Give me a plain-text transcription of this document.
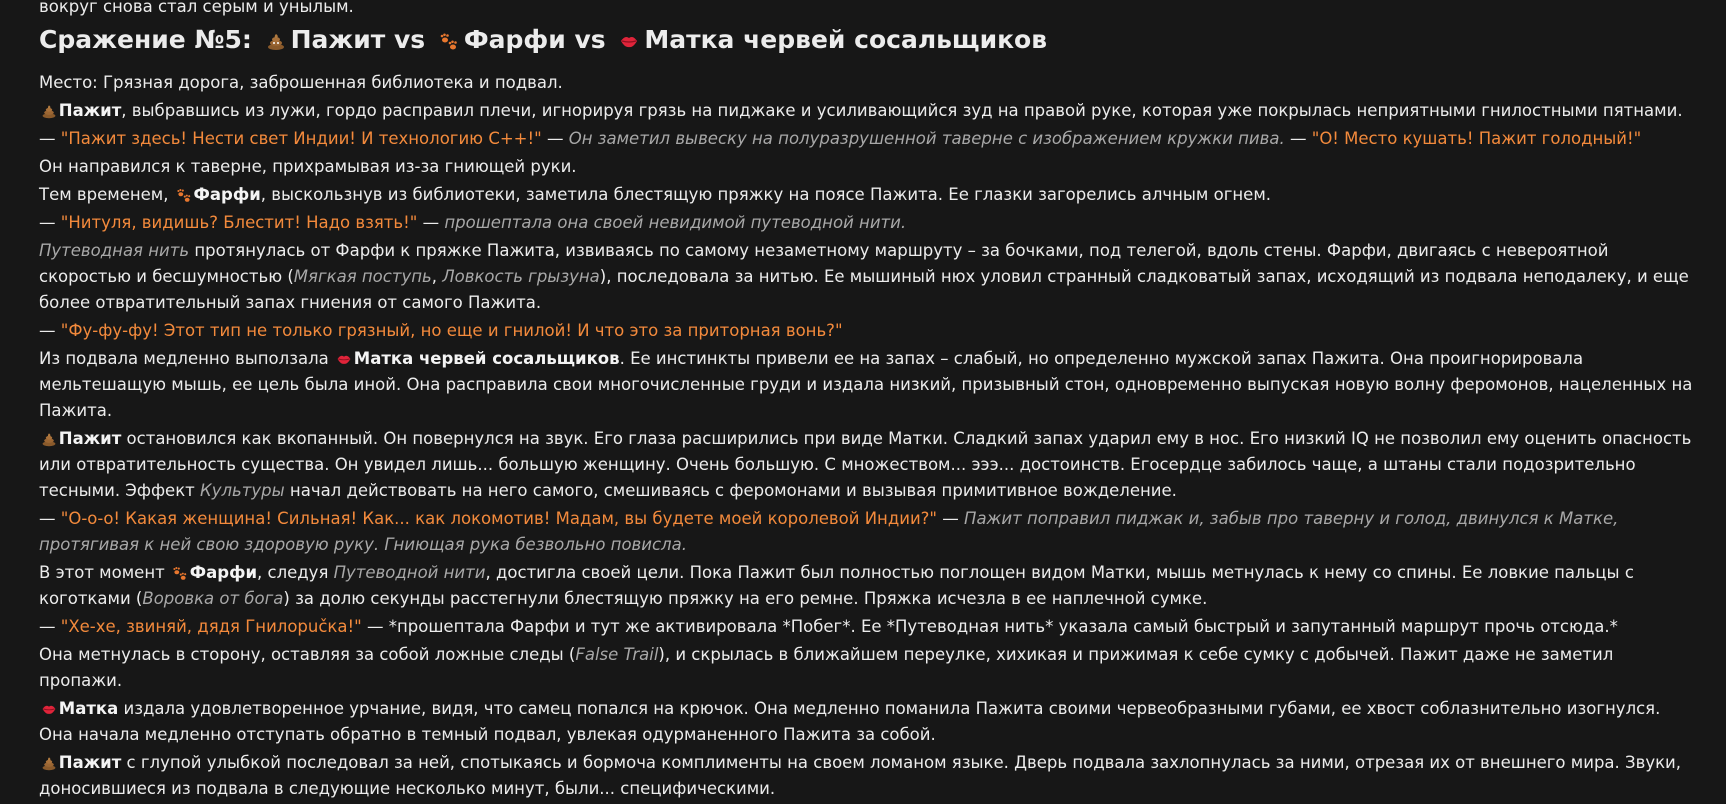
вокруг снова стал серым и унылым.

Сражение №5: Пажит vs Фарфи vs Матка червей сосальщиков

Место: Грязная дорога, заброшенная библиотека и подвал.

Пажит, выбравшись из лужи, гордо расправил плечи, игнорируя грязь на пиджаке и усиливающийся зуд на правой руке, которая уже покрылась неприятными гнилостными пятнами.

— "Пажит здесь! Нести свет Индии! И технологию С++!" — Он заметил вывеску на полуразрушенной таверне с изображением кружки пива. — "О! Место кушать! Пажит голодный!"

Он направился к таверне, прихрамывая из-за гниющей руки.

Тем временем, Фарфи, выскользнув из библиотеки, заметила блестящую пряжку на поясе Пажита. Ее глазки загорелись алчным огнем.

— "Нитуля, видишь? Блестит! Надо взять!" — прошептала она своей невидимой путеводной нити.

Путеводная нить протянулась от Фарфи к пряжке Пажита, извиваясь по самому незаметному маршруту – за бочками, под телегой, вдоль стены. Фарфи, двигаясь с невероятной скоростью и бесшумностью (Мягкая поступь, Ловкость грызуна), последовала за нитью. Ее мышиный нюх уловил странный сладковатый запах, исходящий из подвала неподалеку, и еще более отвратительный запах гниения от самого Пажита.

— "Фу-фу-фу! Этот тип не только грязный, но еще и гнилой! И что это за приторная вонь?"

Из подвала медленно выползала Матка червей сосальщиков. Ее инстинкты привели ее на запах – слабый, но определенно мужской запах Пажита. Она проигнорировала мельтешащую мышь, ее цель была иной. Она расправила свои многочисленные груди и издала низкий, призывный стон, одновременно выпуская новую волну феромонов, нацеленных на Пажита.

Пажит остановился как вкопанный. Он повернулся на звук. Его глаза расширились при виде Матки. Сладкий запах ударил ему в нос. Его низкий IQ не позволил ему оценить опасность или отвратительность существа. Он увидел лишь... большую женщину. Очень большую. С множеством... эээ... достоинств. Егосердце забилось чаще, а штаны стали подозрительно тесными. Эффект Культуры начал действовать на него самого, смешиваясь с феромонами и вызывая примитивное вожделение.

— "О-о-о! Какая женщина! Сильная! Как... как локомотив! Мадам, вы будете моей королевой Индии?" — Пажит поправил пиджак и, забыв про таверну и голод, двинулся к Матке, протягивая к ней свою здоровую руку. Гниющая рука безвольно повисла.

В этот момент Фарфи, следуя Путеводной нити, достигла своей цели. Пока Пажит был полностью поглощен видом Матки, мышь метнулась к нему со спины. Ее ловкие пальцы с коготками (Воровка от бога) за долю секунды расстегнули блестящую пряжку на его ремне. Пряжка исчезла в ее наплечной сумке.

— "Хе-хе, звиняй, дядя Гнилорučка!" — *прошептала Фарфи и тут же активировала *Побег*. Ее *Путеводная нить* указала самый быстрый и запутанный маршрут прочь отсюда.*

Она метнулась в сторону, оставляя за собой ложные следы (False Trail), и скрылась в ближайшем переулке, хихикая и прижимая к себе сумку с добычей. Пажит даже не заметил пропажи.

Матка издала удовлетворенное урчание, видя, что самец попался на крючок. Она медленно поманила Пажита своими червеобразными губами, ее хвост соблазнительно изогнулся. Она начала медленно отступать обратно в темный подвал, увлекая одурманенного Пажита за собой.

Пажит с глупой улыбкой последовал за ней, спотыкаясь и бормоча комплименты на своем ломаном языке. Дверь подвала захлопнулась за ними, отрезая их от внешнего мира. Звуки, доносившиеся из подвала в следующие несколько минут, были... специфическими.
